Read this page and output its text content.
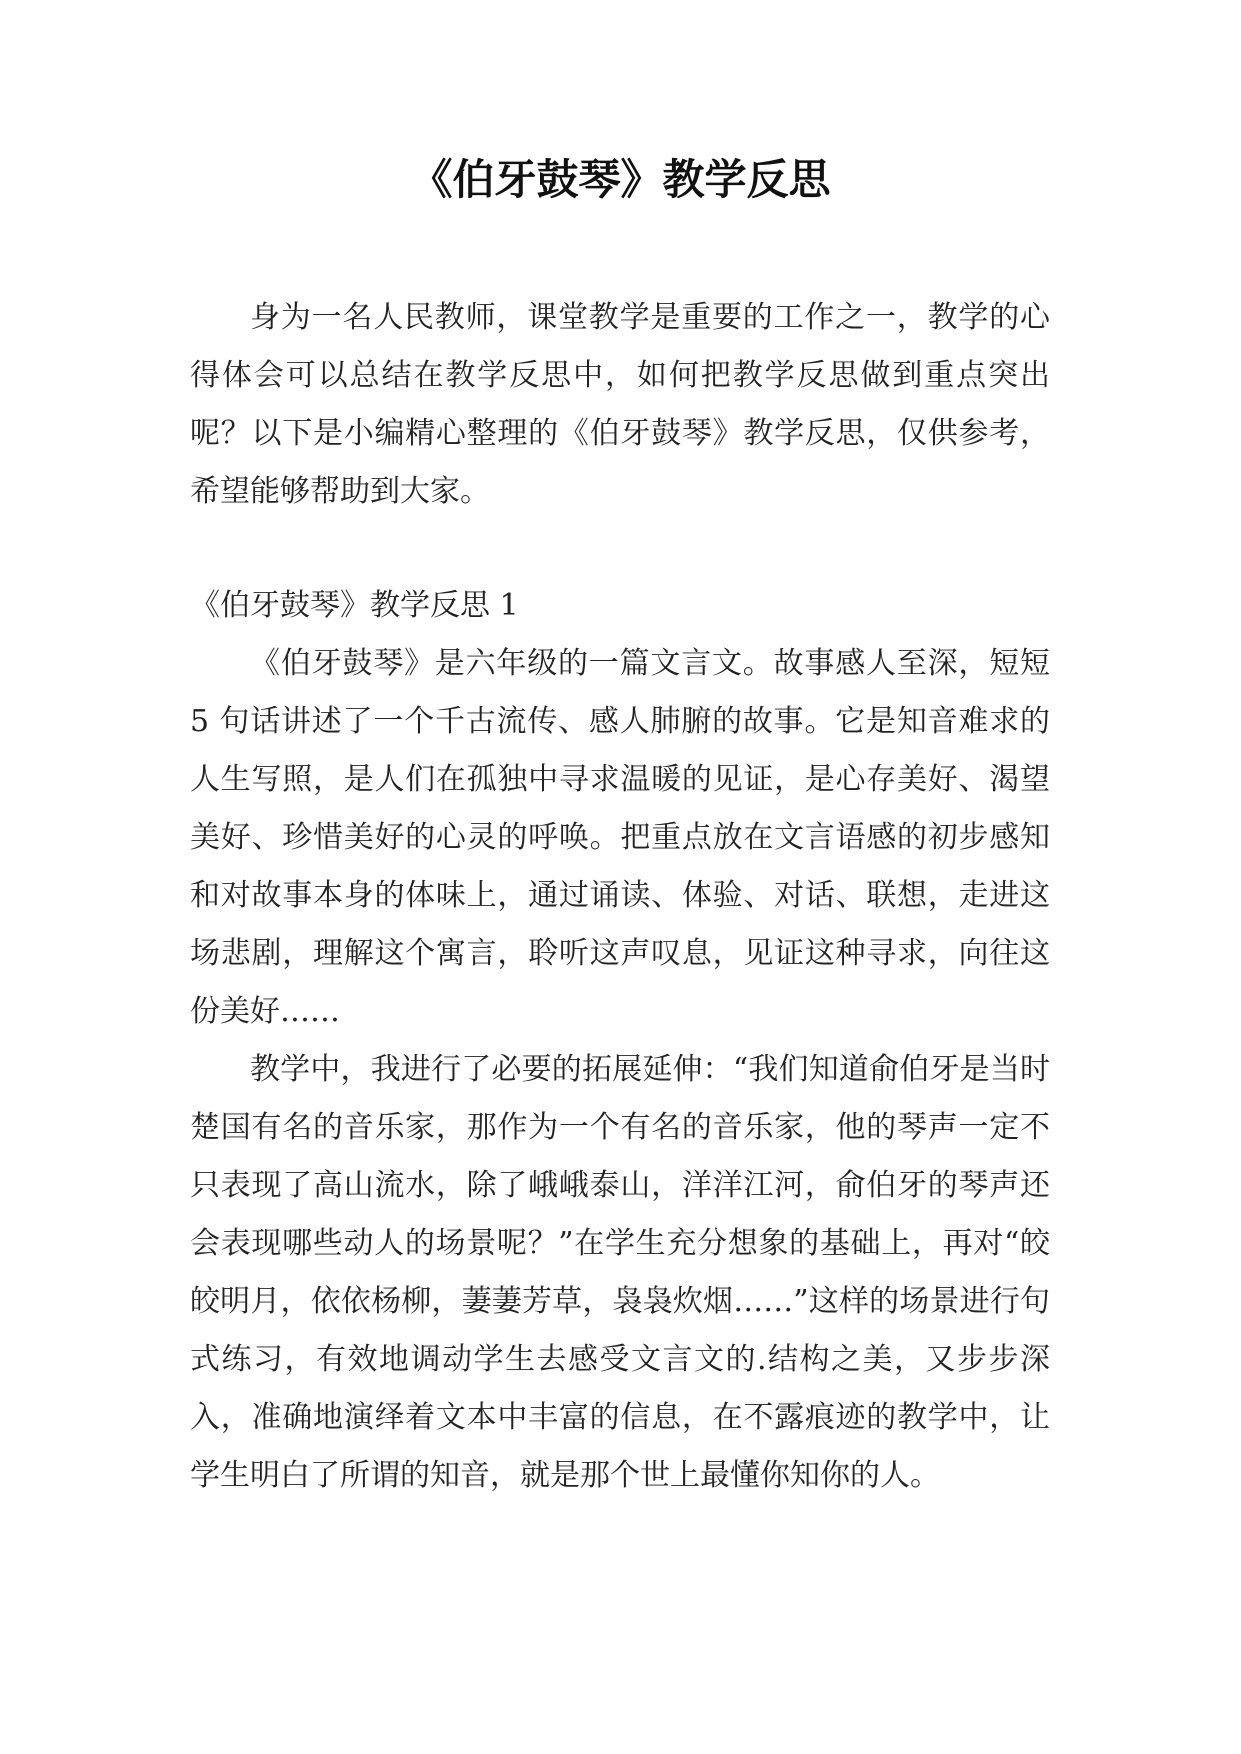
《伯牙鼓琴》教学反思

身为一名人民教师，课堂教学是重要的工作之一，教学的心得体会可以总结在教学反思中，如何把教学反思做到重点突出呢？以下是小编精心整理的《伯牙鼓琴》教学反思，仅供参考，希望能够帮助到大家。

《伯牙鼓琴》教学反思 1

《伯牙鼓琴》是六年级的一篇文言文。故事感人至深，短短 5 句话讲述了一个千古流传、感人肺腑的故事。它是知音难求的人生写照，是人们在孤独中寻求温暖的见证，是心存美好、渴望美好、珍惜美好的心灵的呼唤。把重点放在文言语感的初步感知和对故事本身的体味上，通过诵读、体验、对话、联想，走进这场悲剧，理解这个寓言，聆听这声叹息，见证这种寻求，向往这份美好……

教学中，我进行了必要的拓展延伸：“我们知道俞伯牙是当时楚国有名的音乐家，那作为一个有名的音乐家，他的琴声一定不只表现了高山流水，除了峨峨泰山，洋洋江河，俞伯牙的琴声还会表现哪些动人的场景呢？”在学生充分想象的基础上，再对“皎皎明月，依依杨柳，萋萋芳草，袅袅炊烟……”这样的场景进行句式练习，有效地调动学生去感受文言文的.结构之美，又步步深入，准确地演绎着文本中丰富的信息，在不露痕迹的教学中，让学生明白了所谓的知音，就是那个世上最懂你知你的人。
